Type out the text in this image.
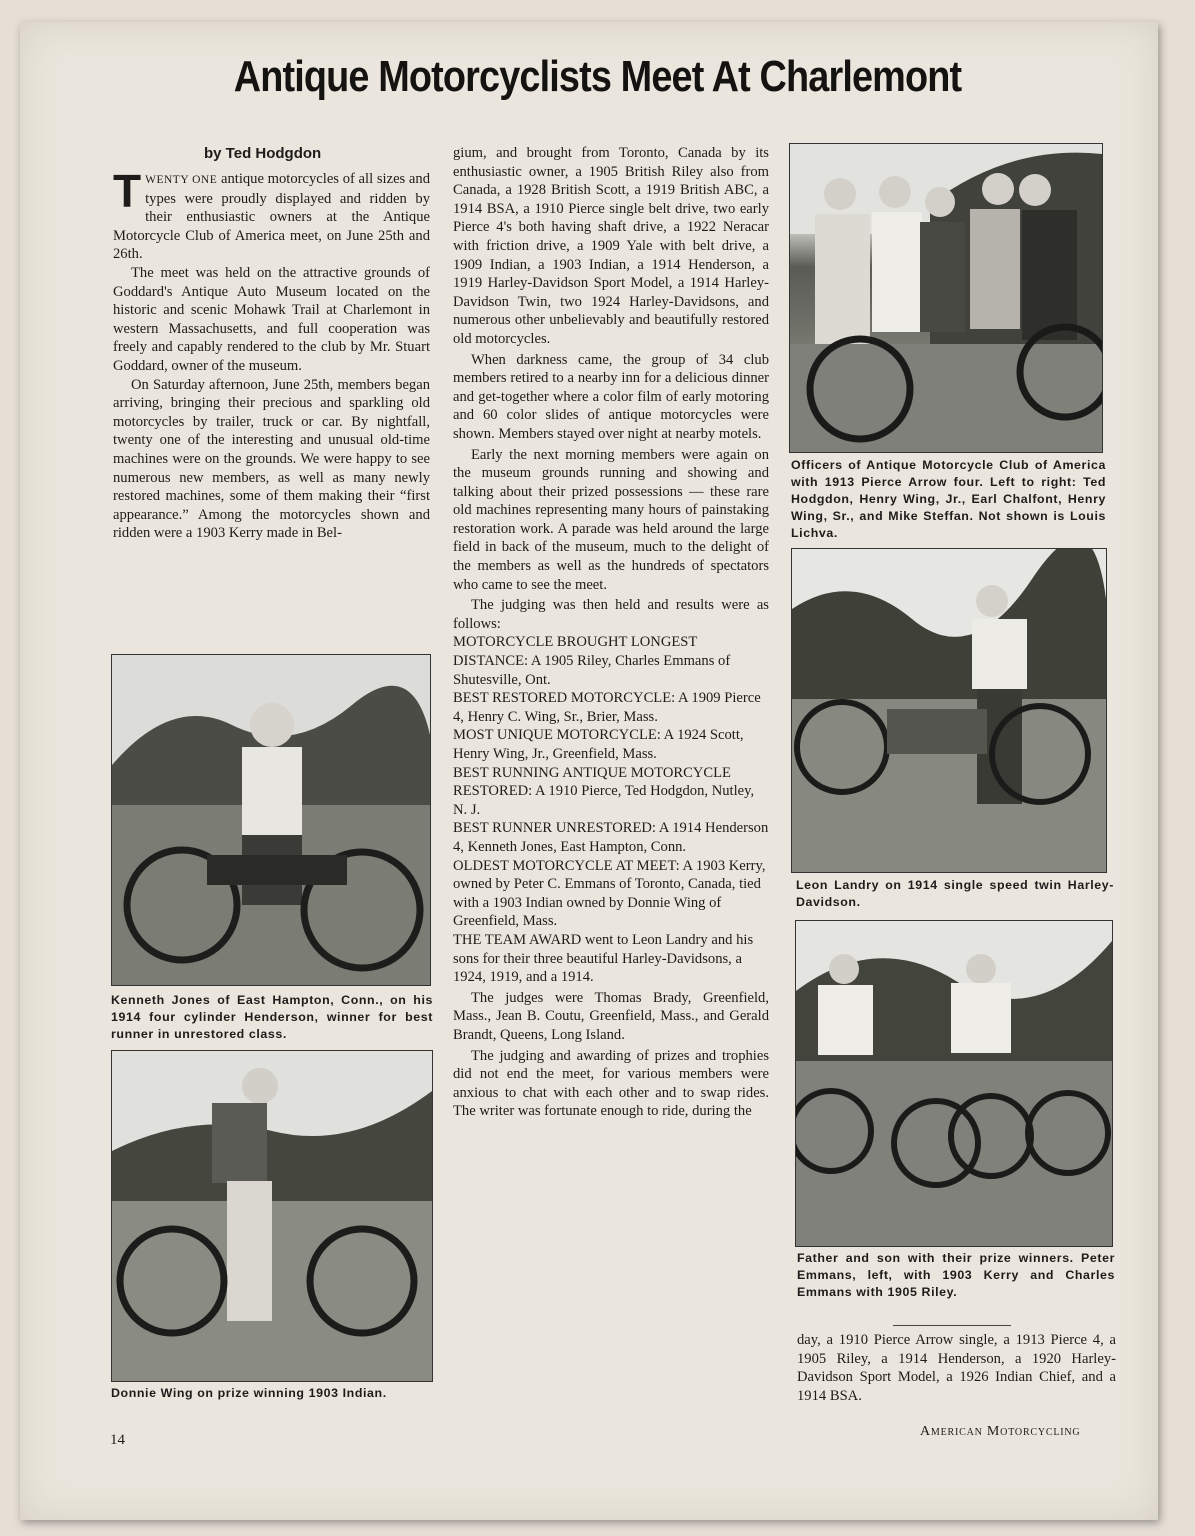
Antique Motorcyclists Meet At Charlemont
by Ted Hodgdon

TWENTY ONE antique motorcycles of all sizes and types were proudly displayed and ridden by their enthusiastic owners at the Antique Motorcycle Club of America meet, on June 25th and 26th.

The meet was held on the attractive grounds of Goddard's Antique Auto Museum located on the historic and scenic Mohawk Trail at Charlemont in western Massachusetts, and full cooperation was freely and capably rendered to the club by Mr. Stuart Goddard, owner of the museum.

On Saturday afternoon, June 25th, members began arriving, bringing their precious and sparkling old motorcycles by trailer, truck or car. By nightfall, twenty one of the interesting and unusual old-time machines were on the grounds. We were happy to see numerous new members, as well as many newly restored machines, some of them making their “first appearance.” Among the motorcycles shown and ridden were a 1903 Kerry made in Bel-

gium, and brought from Toronto, Canada by its enthusiastic owner, a 1905 British Riley also from Canada, a 1928 British Scott, a 1919 British ABC, a 1914 BSA, a 1910 Pierce single belt drive, two early Pierce 4's both having shaft drive, a 1922 Neracar with friction drive, a 1909 Yale with belt drive, a 1909 Indian, a 1903 Indian, a 1914 Henderson, a 1919 Harley-Davidson Sport Model, a 1914 Harley-Davidson Twin, two 1924 Harley-Davidsons, and numerous other unbelievably and beautifully restored old motorcycles.

When darkness came, the group of 34 club members retired to a nearby inn for a delicious dinner and get-together where a color film of early motoring and 60 color slides of antique motorcycles were shown. Members stayed over night at nearby motels.

Early the next morning members were again on the museum grounds running and showing and talking about their prized possessions — these rare old machines representing many hours of painstaking restoration work. A parade was held around the large field in back of the museum, much to the delight of the members as well as the hundreds of spectators who came to see the meet.

The judging was then held and results were as follows:

MOTORCYCLE BROUGHT LONGEST DISTANCE: A 1905 Riley, Charles Emmans of Shutesville, Ont.

BEST RESTORED MOTORCYCLE: A 1909 Pierce 4, Henry C. Wing, Sr., Brier, Mass.

MOST UNIQUE MOTORCYCLE: A 1924 Scott, Henry Wing, Jr., Greenfield, Mass.

BEST RUNNING ANTIQUE MOTORCYCLE RESTORED: A 1910 Pierce, Ted Hodgdon, Nutley, N. J.

BEST RUNNER UNRESTORED: A 1914 Henderson 4, Kenneth Jones, East Hampton, Conn.

OLDEST MOTORCYCLE AT MEET: A 1903 Kerry, owned by Peter C. Emmans of Toronto, Canada, tied with a 1903 Indian owned by Donnie Wing of Greenfield, Mass.

THE TEAM AWARD went to Leon Landry and his sons for their three beautiful Harley-Davidsons, a 1924, 1919, and a 1914.

The judges were Thomas Brady, Greenfield, Mass., Jean B. Coutu, Greenfield, Mass., and Gerald Brandt, Queens, Long Island.

The judging and awarding of prizes and trophies did not end the meet, for various members were anxious to chat with each other and to swap rides. The writer was fortunate enough to ride, during the

day, a 1910 Pierce Arrow single, a 1913 Pierce 4, a 1905 Riley, a 1914 Henderson, a 1920 Harley-Davidson Sport Model, a 1926 Indian Chief, and a 1914 BSA.

Kenneth Jones of East Hampton, Conn., on his 1914 four cylinder Henderson, winner for best runner in unrestored class.
Donnie Wing on prize winning 1903 Indian.
Officers of Antique Motorcycle Club of America with 1913 Pierce Arrow four. Left to right: Ted Hodgdon, Henry Wing, Jr., Earl Chalfont, Henry Wing, Sr., and Mike Steffan. Not shown is Louis Lichva.
Leon Landry on 1914 single speed twin Harley-Davidson.
Father and son with their prize winners. Peter Emmans, left, with 1903 Kerry and Charles Emmans with 1905 Riley.
14
American Motorcycling
